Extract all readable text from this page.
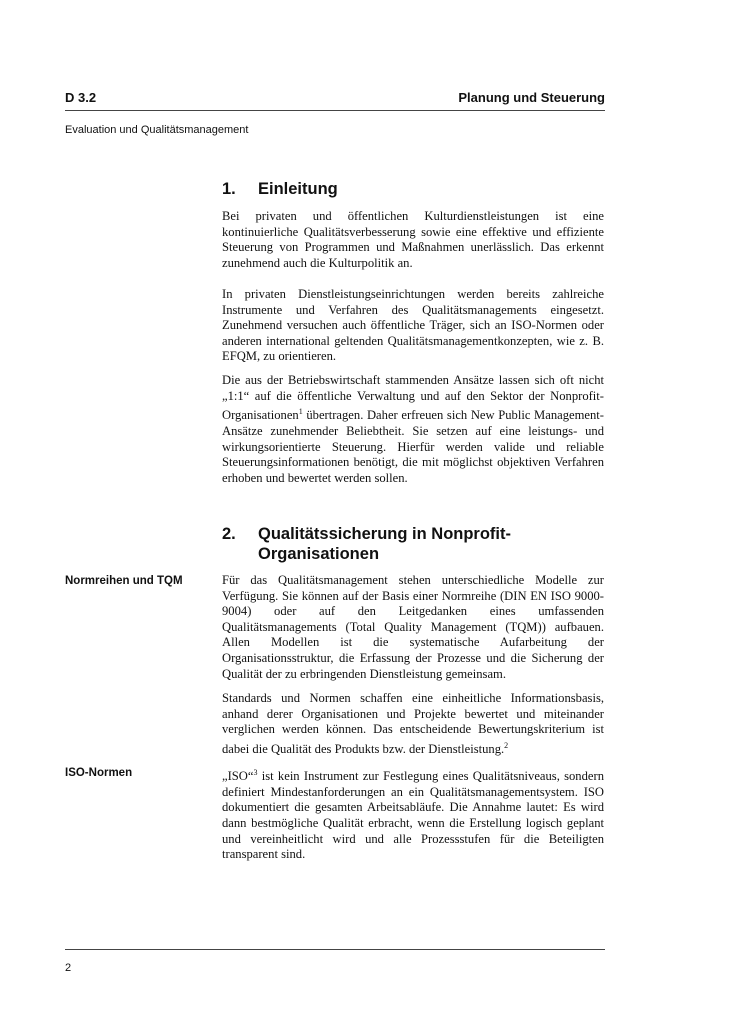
D 3.2	Planung und Steuerung
Evaluation und Qualitätsmanagement
1. Einleitung
Bei privaten und öffentlichen Kulturdienstleistungen ist eine kontinuierliche Qualitätsverbesserung sowie eine effektive und effiziente Steuerung von Programmen und Maßnahmen unerlässlich. Das erkennt zunehmend auch die Kulturpolitik an.
In privaten Dienstleistungseinrichtungen werden bereits zahlreiche Instrumente und Verfahren des Qualitätsmanagements eingesetzt. Zunehmend versuchen auch öffentliche Träger, sich an ISO-Normen oder anderen international geltenden Qualitätsmanagementkonzepten, wie z. B. EFQM, zu orientieren.
Die aus der Betriebswirtschaft stammenden Ansätze lassen sich oft nicht „1:1“ auf die öffentliche Verwaltung und auf den Sektor der Nonprofit-Organisationen$^1$ übertragen. Daher erfreuen sich New Public Management-Ansätze zunehmender Beliebtheit. Sie setzen auf eine leistungs- und wirkungsorientierte Steuerung. Hierfür werden valide und reliable Steuerungsinformationen benötigt, die mit möglichst objektiven Verfahren erhoben und bewertet werden sollen.
2. Qualitätssicherung in Nonprofit-
Organisationen
Normreihen und TQM	Für das Qualitätsmanagement stehen unterschiedliche Modelle zur Verfügung. Sie können auf der Basis einer Normreihe (DIN EN ISO 9000-9004) oder auf den Leitgedanken eines umfassenden Qualitätsmanagements (Total Quality Management (TQM)) aufbauen. Allen Modellen ist die systematische Aufarbeitung der Organisationsstruktur, die Erfassung der Prozesse und die Sicherung der Qualität der zu erbringenden Dienstleistung gemeinsam.
Standards und Normen schaffen eine einheitliche Informationsbasis, anhand derer Organisationen und Projekte bewertet und miteinander verglichen werden können. Das entscheidende Bewertungskriterium ist dabei die Qualität des Produkts bzw. der Dienstleistung.$^2$
ISO-Normen	„ISO“$^3$ ist kein Instrument zur Festlegung eines Qualitätsniveaus, sondern definiert Mindestanforderungen an ein Qualitätsmanagementsystem. ISO dokumentiert die gesamten Arbeitsabläufe. Die Annahme lautet: Es wird dann bestmögliche Qualität erbracht, wenn die Erstellung logisch geplant und vereinheitlicht wird und alle Prozessstufen für die Beteiligten transparent sind.
2
